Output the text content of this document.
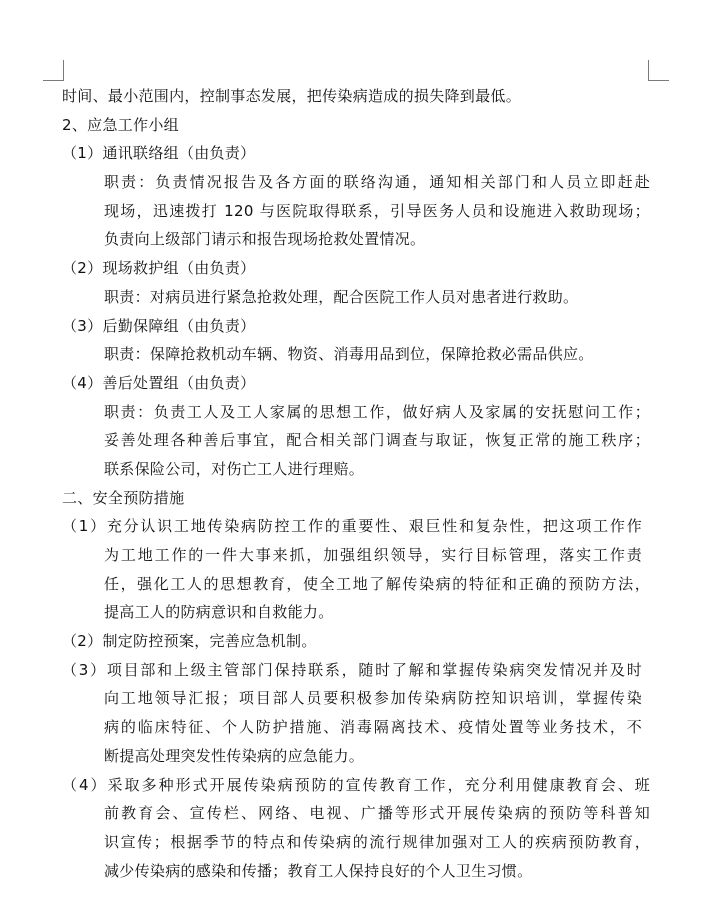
时间、最小范围内，控制事态发展，把传染病造成的损失降到最低。
2、应急工作小组
（1）通讯联络组（由负责）
职责：负责情况报告及各方面的联络沟通，通知相关部门和人员立即赶赴
现场，迅速拨打 120 与医院取得联系，引导医务人员和设施进入救助现场；
负责向上级部门请示和报告现场抢救处置情况。
（2）现场救护组（由负责）
职责：对病员进行紧急抢救处理，配合医院工作人员对患者进行救助。
（3）后勤保障组（由负责）
职责：保障抢救机动车辆、物资、消毒用品到位，保障抢救必需品供应。
（4）善后处置组（由负责）
职责：负责工人及工人家属的思想工作，做好病人及家属的安抚慰问工作；
妥善处理各种善后事宜，配合相关部门调查与取证，恢复正常的施工秩序；
联系保险公司，对伤亡工人进行理赔。
二、安全预防措施
（1）充分认识工地传染病防控工作的重要性、艰巨性和复杂性，把这项工作作
为工地工作的一件大事来抓，加强组织领导，实行目标管理，落实工作责
任，强化工人的思想教育，使全工地了解传染病的特征和正确的预防方法，
提高工人的防病意识和自救能力。
（2）制定防控预案，完善应急机制。
（3）项目部和上级主管部门保持联系，随时了解和掌握传染病突发情况并及时
向工地领导汇报；项目部人员要积极参加传染病防控知识培训，掌握传染
病的临床特征、个人防护措施、消毒隔离技术、疫情处置等业务技术，不
断提高处理突发性传染病的应急能力。
（4）采取多种形式开展传染病预防的宣传教育工作，充分利用健康教育会、班
前教育会、宣传栏、网络、电视、广播等形式开展传染病的预防等科普知
识宣传；根据季节的特点和传染病的流行规律加强对工人的疾病预防教育，
减少传染病的感染和传播；教育工人保持良好的个人卫生习惯。
